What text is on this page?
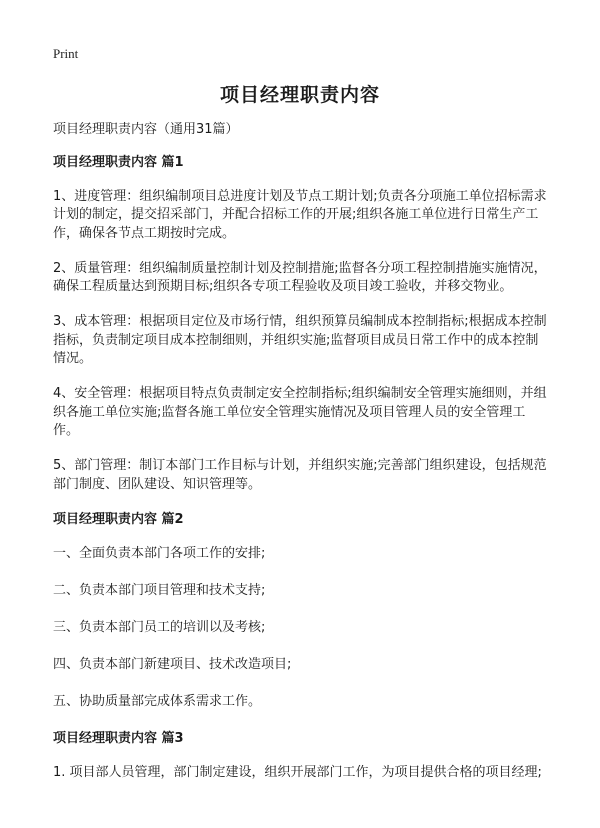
Print
项目经理职责内容

项目经理职责内容（通用31篇）

项目经理职责内容 篇1

1、进度管理：组织编制项目总进度计划及节点工期计划;负责各分项施工单位招标需求计划的制定，提交招采部门，并配合招标工作的开展;组织各施工单位进行日常生产工作，确保各节点工期按时完成。

2、质量管理：组织编制质量控制计划及控制措施;监督各分项工程控制措施实施情况，确保工程质量达到预期目标;组织各专项工程验收及项目竣工验收，并移交物业。

3、成本管理：根据项目定位及市场行情，组织预算员编制成本控制指标;根据成本控制指标，负责制定项目成本控制细则，并组织实施;监督项目成员日常工作中的成本控制情况。

4、安全管理：根据项目特点负责制定安全控制指标;组织编制安全管理实施细则，并组织各施工单位实施;监督各施工单位安全管理实施情况及项目管理人员的安全管理工作。

5、部门管理：制订本部门工作目标与计划，并组织实施;完善部门组织建设，包括规范部门制度、团队建设、知识管理等。

项目经理职责内容 篇2

一、全面负责本部门各项工作的安排;

二、负责本部门项目管理和技术支持;

三、负责本部门员工的培训以及考核;

四、负责本部门新建项目、技术改造项目;

五、协助质量部完成体系需求工作。

项目经理职责内容 篇3

1. 项目部人员管理，部门制定建设，组织开展部门工作，为项目提供合格的项目经理;
